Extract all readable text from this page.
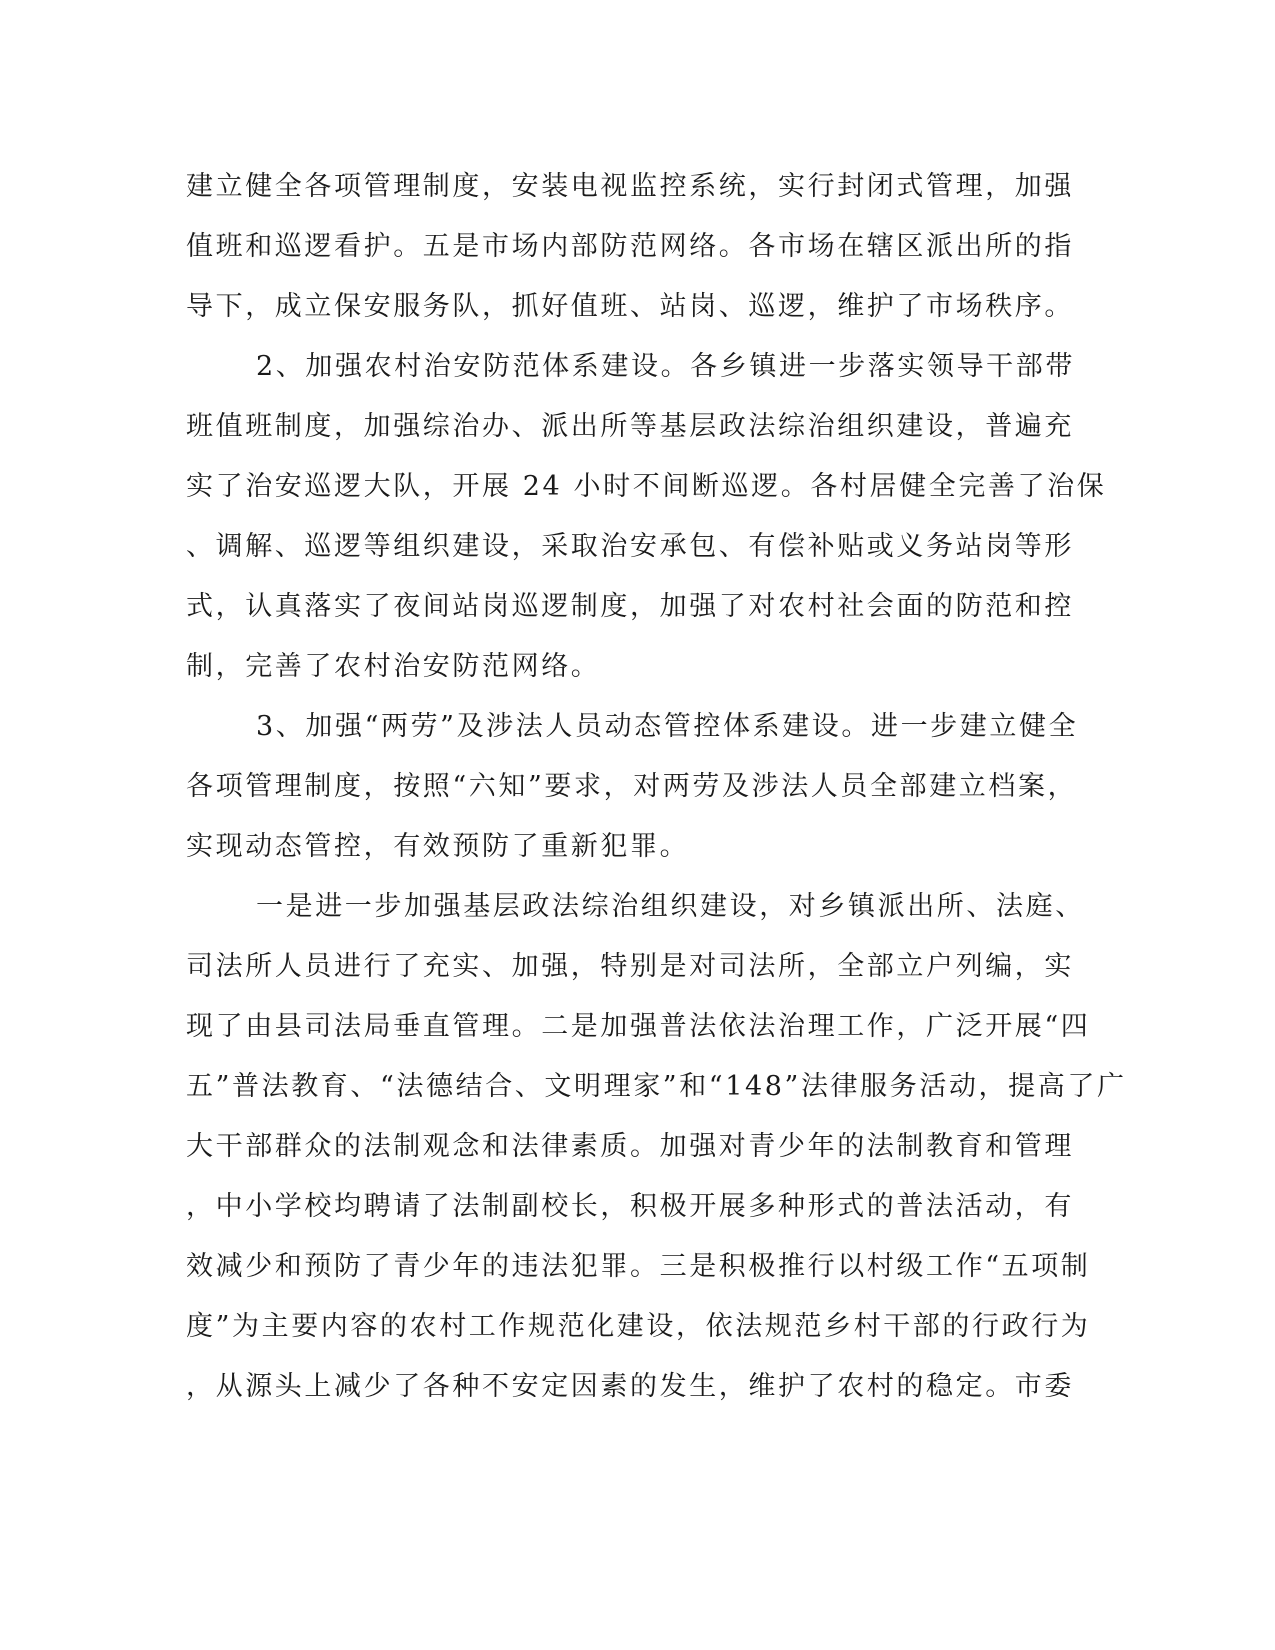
建立健全各项管理制度，安装电视监控系统，实行封闭式管理，加强
值班和巡逻看护。五是市场内部防范网络。各市场在辖区派出所的指
导下，成立保安服务队，抓好值班、站岗、巡逻，维护了市场秩序。
2、加强农村治安防范体系建设。各乡镇进一步落实领导干部带
班值班制度，加强综治办、派出所等基层政法综治组织建设，普遍充
实了治安巡逻大队，开展 24 小时不间断巡逻。各村居健全完善了治保
、调解、巡逻等组织建设，采取治安承包、有偿补贴或义务站岗等形
式，认真落实了夜间站岗巡逻制度，加强了对农村社会面的防范和控
制，完善了农村治安防范网络。
3、加强“两劳”及涉法人员动态管控体系建设。进一步建立健全
各项管理制度，按照“六知”要求，对两劳及涉法人员全部建立档案，
实现动态管控，有效预防了重新犯罪。
一是进一步加强基层政法综治组织建设，对乡镇派出所、法庭、
司法所人员进行了充实、加强，特别是对司法所，全部立户列编，实
现了由县司法局垂直管理。二是加强普法依法治理工作，广泛开展“四
五”普法教育、“法德结合、文明理家”和“148”法律服务活动，提高了广
大干部群众的法制观念和法律素质。加强对青少年的法制教育和管理
，中小学校均聘请了法制副校长，积极开展多种形式的普法活动，有
效减少和预防了青少年的违法犯罪。三是积极推行以村级工作“五项制
度”为主要内容的农村工作规范化建设，依法规范乡村干部的行政行为
，从源头上减少了各种不安定因素的发生，维护了农村的稳定。市委
